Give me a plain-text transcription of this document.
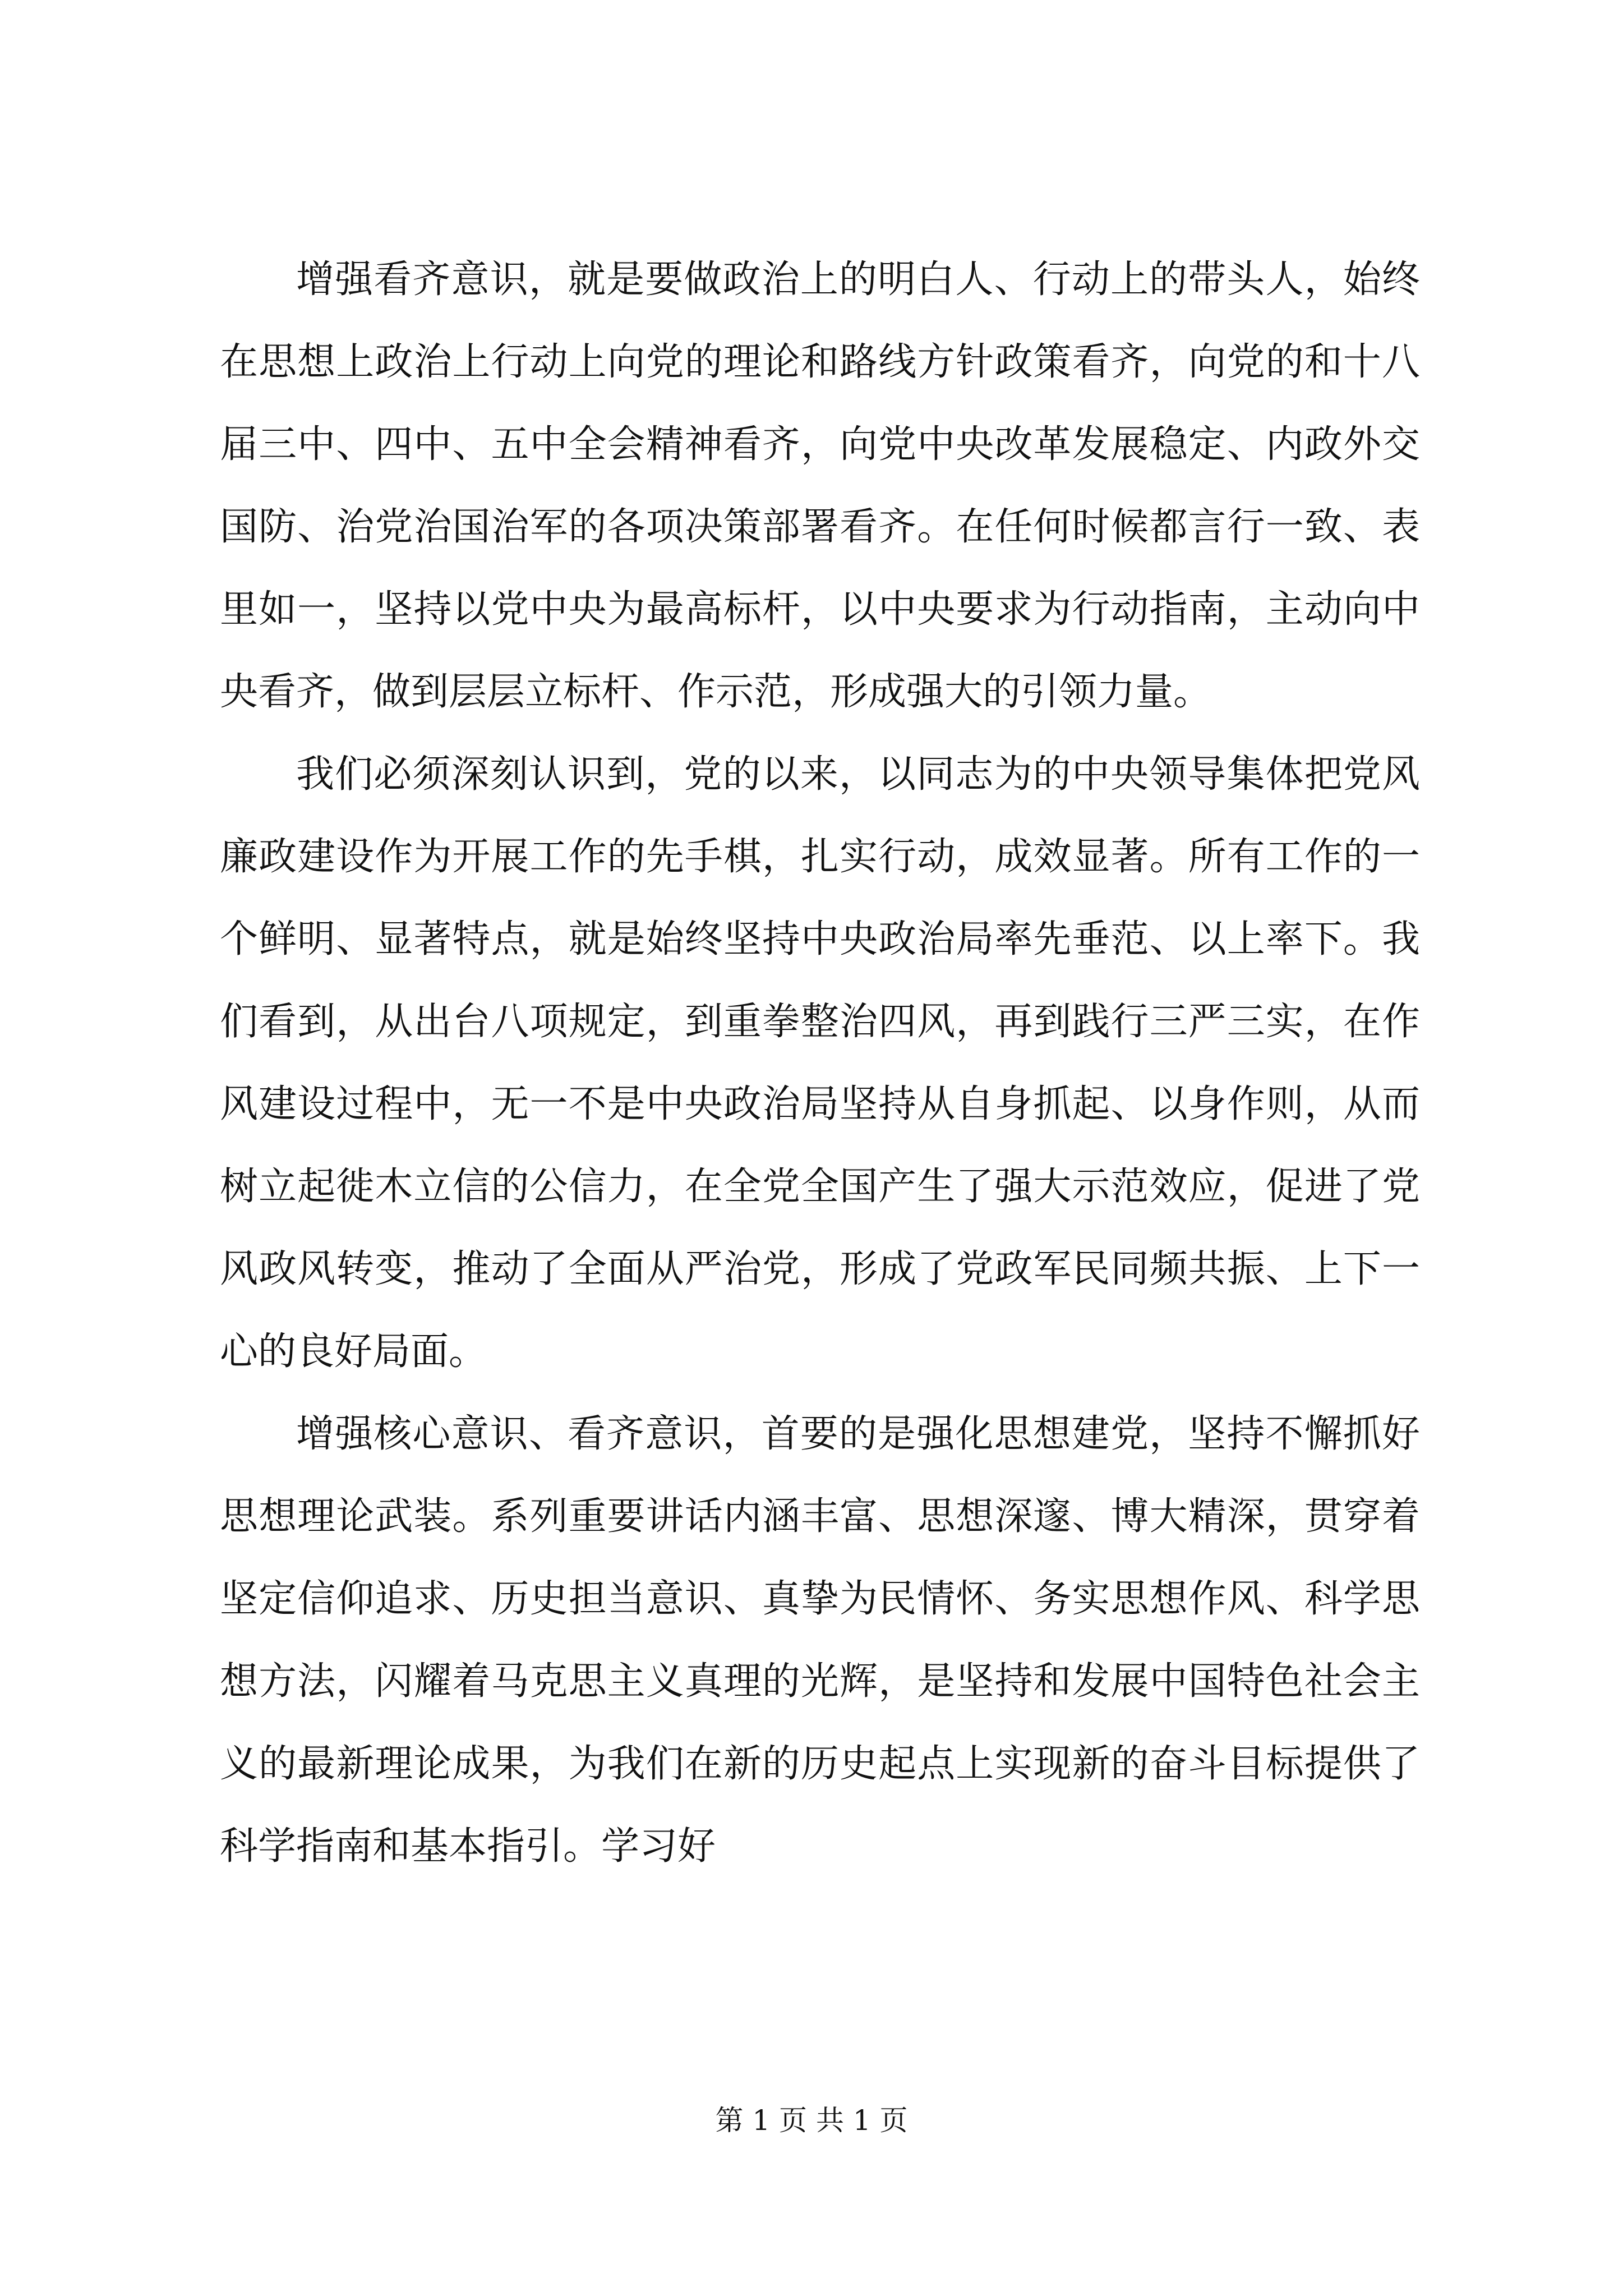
增强看齐意识，就是要做政治上的明白人、行动上的带头人，始终在思想上政治上行动上向党的理论和路线方针政策看齐，向党的和十八届三中、四中、五中全会精神看齐，向党中央改革发展稳定、内政外交国防、治党治国治军的各项决策部署看齐。在任何时候都言行一致、表里如一，坚持以党中央为最高标杆，以中央要求为行动指南，主动向中央看齐，做到层层立标杆、作示范，形成强大的引领力量。

我们必须深刻认识到，党的以来，以同志为的中央领导集体把党风廉政建设作为开展工作的先手棋，扎实行动，成效显著。所有工作的一个鲜明、显著特点，就是始终坚持中央政治局率先垂范、以上率下。我们看到，从出台八项规定，到重拳整治四风，再到践行三严三实，在作风建设过程中，无一不是中央政治局坚持从自身抓起、以身作则，从而树立起徙木立信的公信力，在全党全国产生了强大示范效应，促进了党风政风转变，推动了全面从严治党，形成了党政军民同频共振、上下一心的良好局面。

增强核心意识、看齐意识，首要的是强化思想建党，坚持不懈抓好思想理论武装。系列重要讲话内涵丰富、思想深邃、博大精深，贯穿着坚定信仰追求、历史担当意识、真挚为民情怀、务实思想作风、科学思想方法，闪耀着马克思主义真理的光辉，是坚持和发展中国特色社会主义的最新理论成果，为我们在新的历史起点上实现新的奋斗目标提供了科学指南和基本指引。学习好

第 1 页 共 1 页
